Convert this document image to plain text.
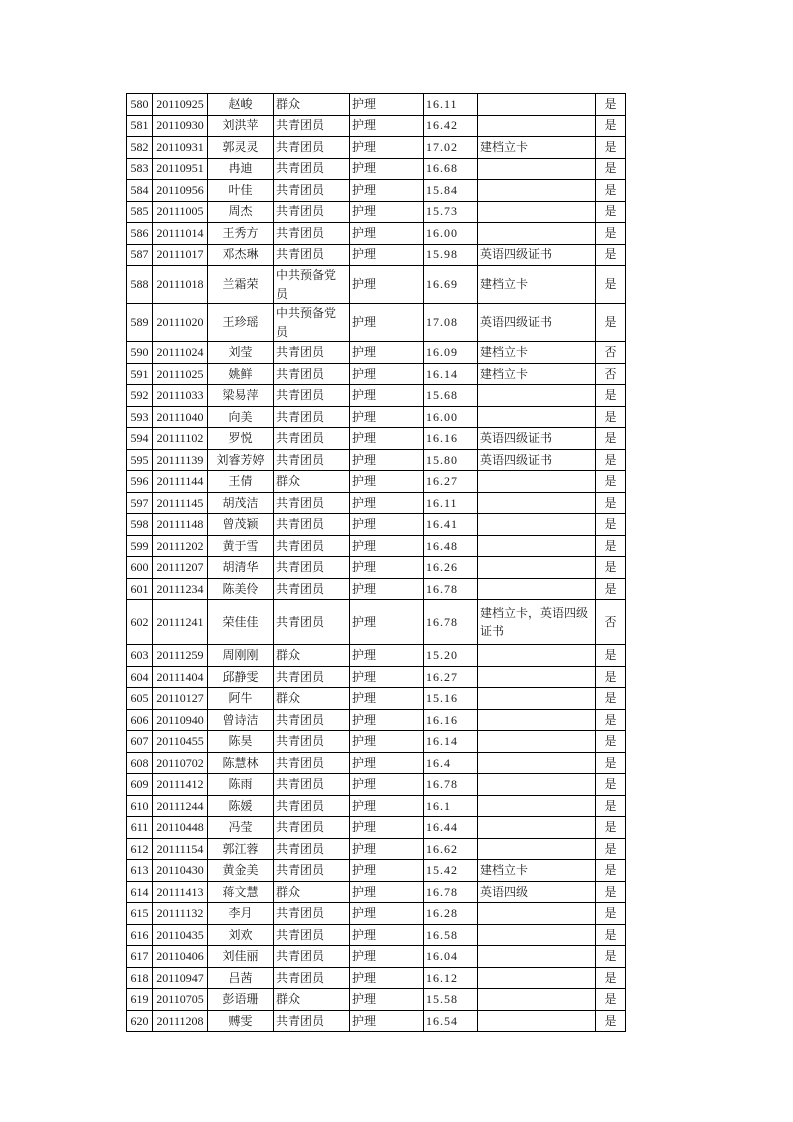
580	20110925	赵峻	群众	护理	16.11		是
581	20110930	刘洪苹	共青团员	护理	16.42		是
582	20110931	郭灵灵	共青团员	护理	17.02	建档立卡	是
583	20110951	冉迪	共青团员	护理	16.68		是
584	20110956	叶佳	共青团员	护理	15.84		是
585	20111005	周杰	共青团员	护理	15.73		是
586	20111014	王秀方	共青团员	护理	16.00		是
587	20111017	邓杰琳	共青团员	护理	15.98	英语四级证书	是
588	20111018	兰霜荣	中共预备党员	护理	16.69	建档立卡	是
589	20111020	王珍瑶	中共预备党员	护理	17.08	英语四级证书	是
590	20111024	刘莹	共青团员	护理	16.09	建档立卡	否
591	20111025	姚鲜	共青团员	护理	16.14	建档立卡	否
592	20111033	梁易萍	共青团员	护理	15.68		是
593	20111040	向美	共青团员	护理	16.00		是
594	20111102	罗悦	共青团员	护理	16.16	英语四级证书	是
595	20111139	刘睿芳婷	共青团员	护理	15.80	英语四级证书	是
596	20111144	王倩	群众	护理	16.27		是
597	20111145	胡茂洁	共青团员	护理	16.11		是
598	20111148	曾茂颖	共青团员	护理	16.41		是
599	20111202	黄于雪	共青团员	护理	16.48		是
600	20111207	胡清华	共青团员	护理	16.26		是
601	20111234	陈美伶	共青团员	护理	16.78		是
602	20111241	荣佳佳	共青团员	护理	16.78	建档立卡，英语四级证书	否
603	20111259	周刚刚	群众	护理	15.20		是
604	20111404	邱静雯	共青团员	护理	16.27		是
605	20110127	阿牛	群众	护理	15.16		是
606	20110940	曾诗洁	共青团员	护理	16.16		是
607	20110455	陈昊	共青团员	护理	16.14		是
608	20110702	陈慧林	共青团员	护理	16.4		是
609	20111412	陈雨	共青团员	护理	16.78		是
610	20111244	陈媛	共青团员	护理	16.1		是
611	20110448	冯莹	共青团员	护理	16.44		是
612	20111154	郭江蓉	共青团员	护理	16.62		是
613	20110430	黄金美	共青团员	护理	15.42	建档立卡	是
614	20111413	蒋文慧	群众	护理	16.78	英语四级	是
615	20111132	李月	共青团员	护理	16.28		是
616	20110435	刘欢	共青团员	护理	16.58		是
617	20110406	刘佳丽	共青团员	护理	16.04		是
618	20110947	吕茜	共青团员	护理	16.12		是
619	20110705	彭语珊	群众	护理	15.58		是
620	20111208	赙雯	共青团员	护理	16.54		是
